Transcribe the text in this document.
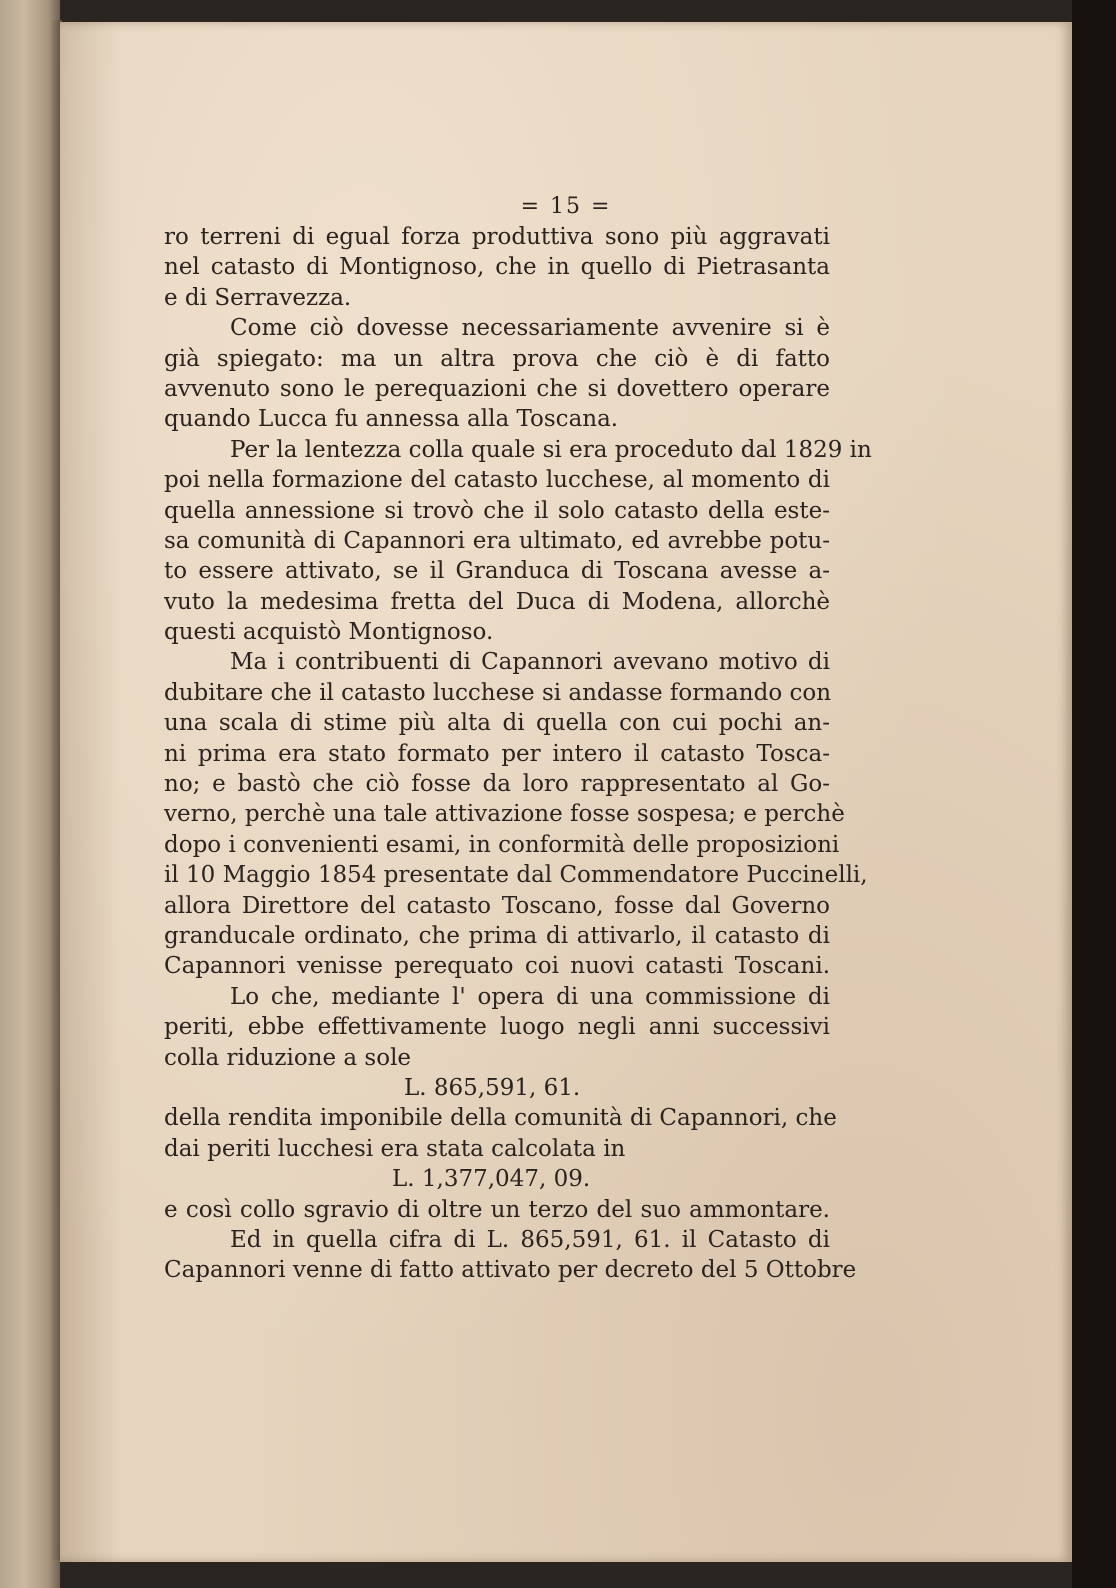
= 15 =
ro terreni di egual forza produttiva sono più aggravati
nel catasto di Montignoso, che in quello di Pietrasanta
e di Serravezza.
Come ciò dovesse necessariamente avvenire si è
già spiegato: ma un altra prova che ciò è di fatto
avvenuto sono le perequazioni che si dovettero operare
quando Lucca fu annessa alla Toscana.
Per la lentezza colla quale si era proceduto dal 1829 in
poi nella formazione del catasto lucchese, al momento di
quella annessione si trovò che il solo catasto della este-
sa comunità di Capannori era ultimato, ed avrebbe potu-
to essere attivato, se il Granduca di Toscana avesse a-
vuto la medesima fretta del Duca di Modena, allorchè
questi acquistò Montignoso.
Ma i contribuenti di Capannori avevano motivo di
dubitare che il catasto lucchese si andasse formando con
una scala di stime più alta di quella con cui pochi an-
ni prima era stato formato per intero il catasto Tosca-
no; e bastò che ciò fosse da loro rappresentato al Go-
verno, perchè una tale attivazione fosse sospesa; e perchè
dopo i convenienti esami, in conformità delle proposizioni
il 10 Maggio 1854 presentate dal Commendatore Puccinelli,
allora Direttore del catasto Toscano, fosse dal Governo
granducale ordinato, che prima di attivarlo, il catasto di
Capannori venisse perequato coi nuovi catasti Toscani.
Lo che, mediante l' opera di una commissione di
periti, ebbe effettivamente luogo negli anni successivi
colla riduzione a sole
L. 865,591, 61.
della rendita imponibile della comunità di Capannori, che
dai periti lucchesi era stata calcolata in
L. 1,377,047, 09.
e così collo sgravio di oltre un terzo del suo ammontare.
Ed in quella cifra di L. 865,591, 61. il Catasto di
Capannori venne di fatto attivato per decreto del 5 Ottobre
